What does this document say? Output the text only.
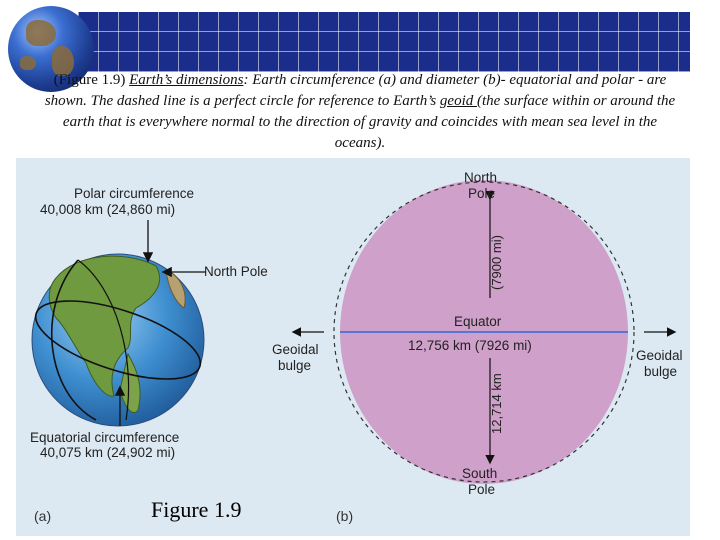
(Figure 1.9) Earth’s dimensions: Earth circumference (a) and diameter (b)- equatorial and polar - are shown. The dashed line is a perfect circle for reference to Earth’s geoid (the surface within or around the earth that is everywhere normal to the direction of gravity and coincides with mean sea level in the oceans).
(7900 mi)
12,714 km
Polar circumference
40,008 km (24,860 mi)
North Pole
Equatorial circumference
40,075 km (24,902 mi)
(a)
North
Pole
Equator
12,756 km (7926 mi)
Geoidal
bulge
Geoidal
bulge
South
Pole
(b)
Figure 1.9
